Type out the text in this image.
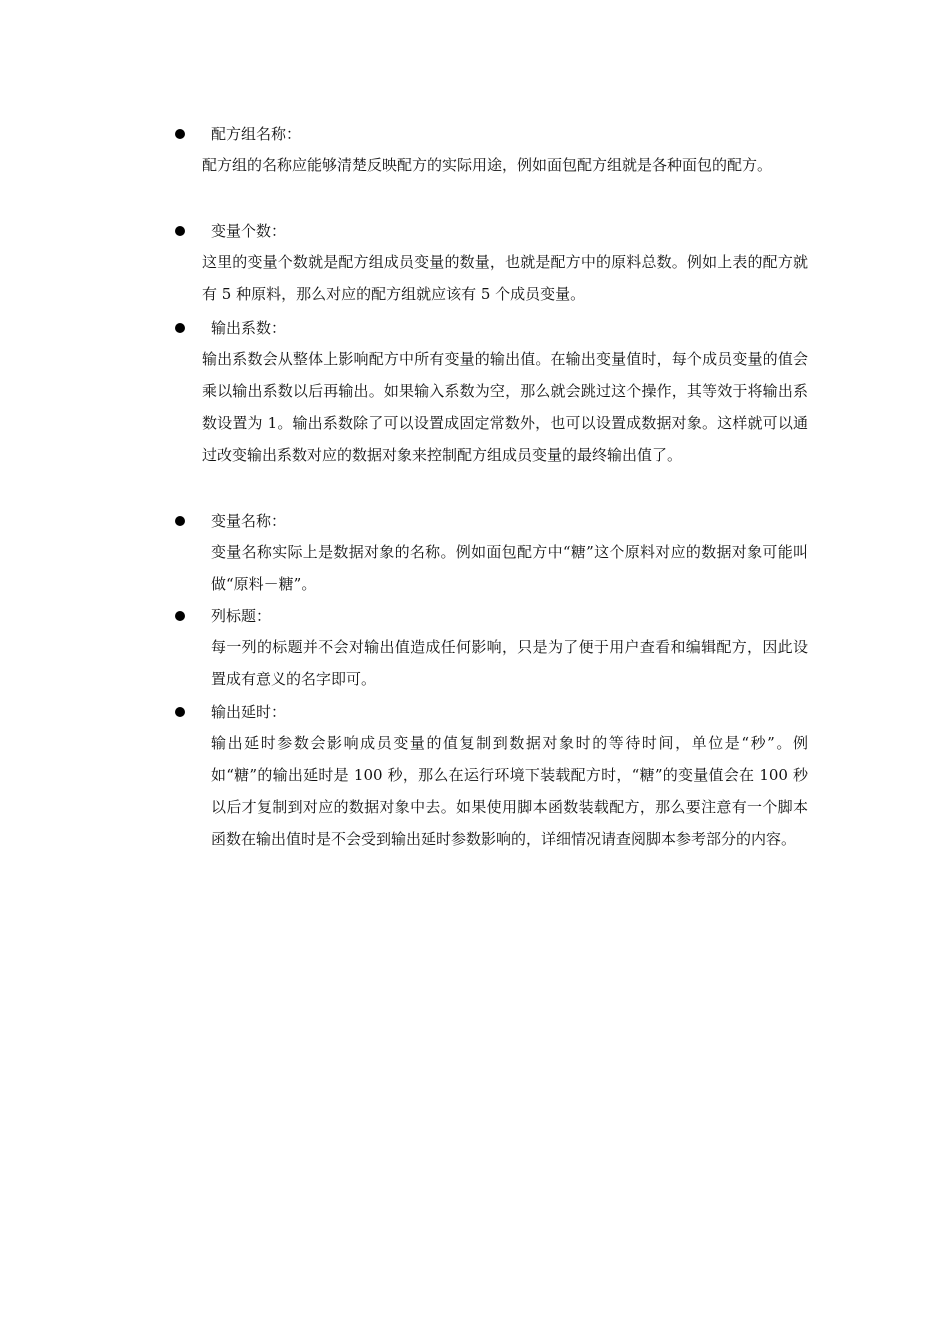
配方组名称：

配方组的名称应能够清楚反映配方的实际用途，例如面包配方组就是各种面包的配方。

变量个数：

这里的变量个数就是配方组成员变量的数量，也就是配方中的原料总数。例如上表的配方就有 5 种原料，那么对应的配方组就应该有 5 个成员变量。

输出系数：

输出系数会从整体上影响配方中所有变量的输出值。在输出变量值时，每个成员变量的值会乘以输出系数以后再输出。如果输入系数为空，那么就会跳过这个操作，其等效于将输出系数设置为 1。输出系数除了可以设置成固定常数外，也可以设置成数据对象。这样就可以通过改变输出系数对应的数据对象来控制配方组成员变量的最终输出值了。

变量名称：

变量名称实际上是数据对象的名称。例如面包配方中“糖”这个原料对应的数据对象可能叫做“原料－糖”。

列标题：

每一列的标题并不会对输出值造成任何影响，只是为了便于用户查看和编辑配方，因此设置成有意义的名字即可。

输出延时：

输出延时参数会影响成员变量的值复制到数据对象时的等待时间，单位是“秒”。例如“糖”的输出延时是 100 秒，那么在运行环境下装载配方时，“糖”的变量值会在 100 秒以后才复制到对应的数据对象中去。如果使用脚本函数装载配方，那么要注意有一个脚本函数在输出值时是不会受到输出延时参数影响的，详细情况请查阅脚本参考部分的内容。
